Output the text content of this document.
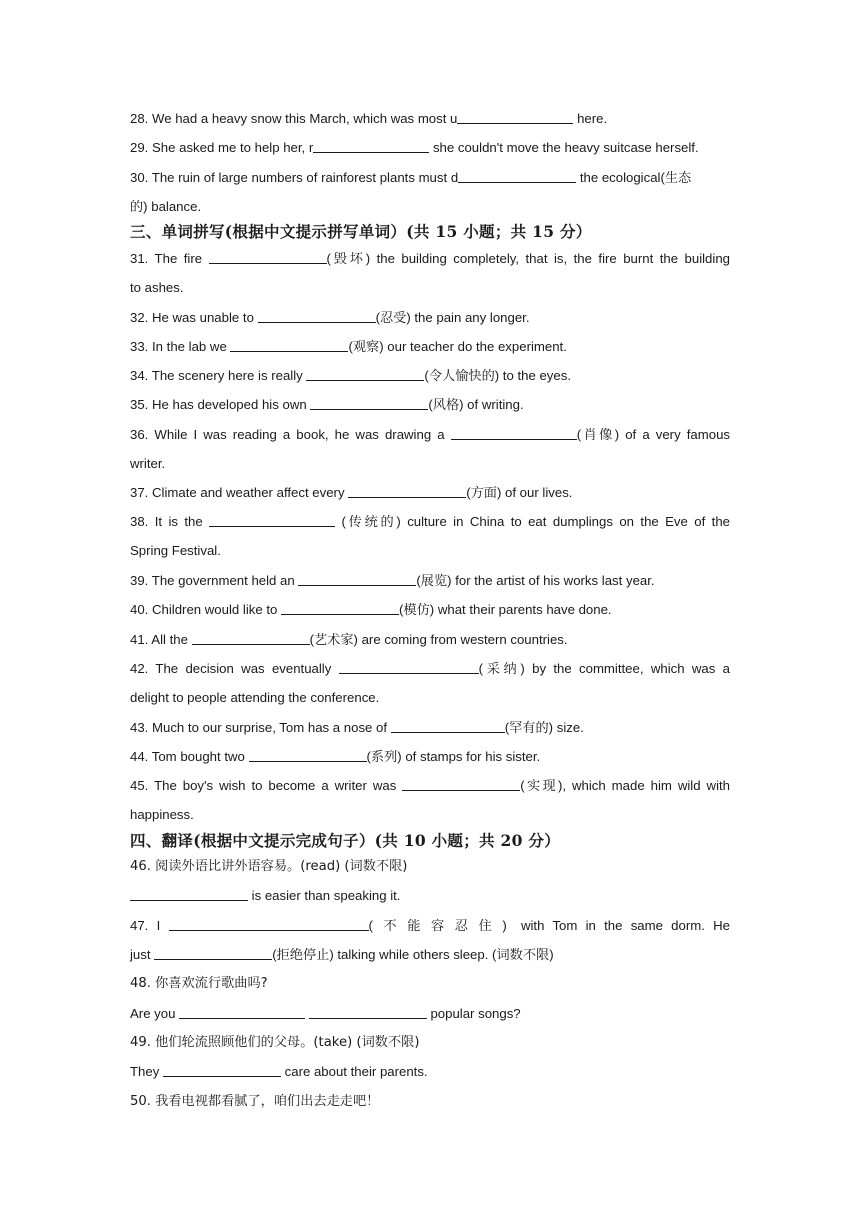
28. We had a heavy snow this March, which was most u	here.

29. She asked me to help her, r	she couldn't move the heavy suitcase herself.

30. The ruin of large numbers of rainforest plants must d	the ecological(生态

的) balance.

三、单词拼写(根据中文提示拼写单词）(共 15 小题；共 15 分）

31. The fire	(毁坏) the building completely, that is, the fire burnt the building

to ashes.

32. He was unable to	(忍受) the pain any longer.

33. In the lab we	(观察) our teacher do the experiment.

34. The scenery here is really	(令人愉快的) to the eyes.

35. He has developed his own	(风格) of writing.

36. While I was reading a book, he was drawing a	(肖像) of a very famous

writer.

37. Climate and weather affect every	(方面) of our lives.

38. It is the	(传统的) culture in China to eat dumplings on the Eve of the

Spring Festival.

39. The government held an	(展览) for the artist of his works last year.

40. Children would like to	(模仿) what their parents have done.

41. All the	(艺术家) are coming from western countries.

42. The decision was eventually	(采纳) by the committee, which was a

delight to people attending the conference.

43. Much to our surprise, Tom has a nose of	(罕有的) size.

44. Tom bought two	(系列) of stamps for his sister.

45. The boy's wish to become a writer was	(实现), which made him wild with

happiness.

四、翻译(根据中文提示完成句子）(共 10 小题；共 20 分）

46. 阅读外语比讲外语容易。(read) (词数不限)

is easier than speaking it.

47. I	(不能容忍住) with Tom in the same dorm. He

just	(拒绝停止) talking while others sleep. (词数不限)

48. 你喜欢流行歌曲吗?

Are you	popular songs?

49. 他们轮流照顾他们的父母。(take) (词数不限)

They	care about their parents.

50. 我看电视都看腻了，咱们出去走走吧！
